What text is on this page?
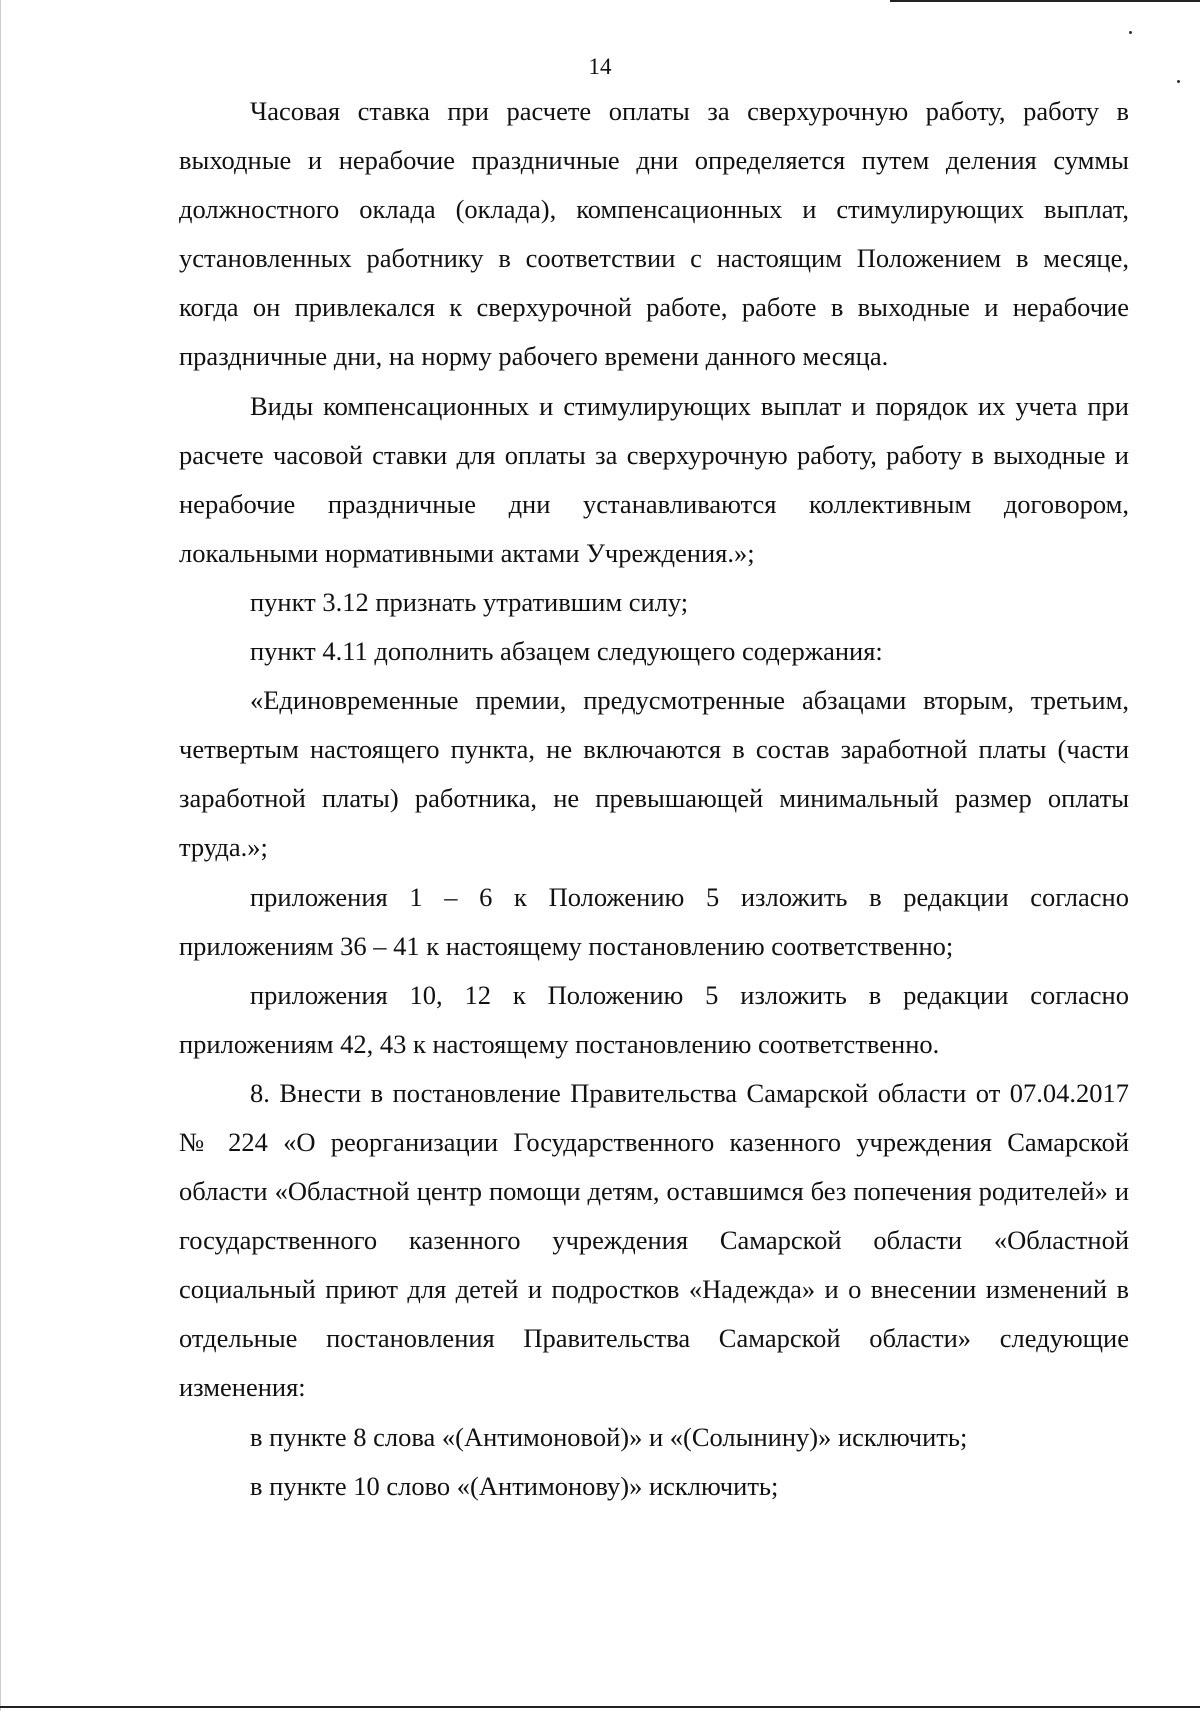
14

Часовая ставка при расчете оплаты за сверхурочную работу, работу в выходные и нерабочие праздничные дни определяется путем деления суммы должностного оклада (оклада), компенсационных и стимулирующих выплат, установленных работнику в соответствии с настоящим Положением в месяце, когда он привлекался к сверхурочной работе, работе в выходные и нерабочие праздничные дни, на норму рабочего времени данного месяца.

Виды компенсационных и стимулирующих выплат и порядок их учета при расчете часовой ставки для оплаты за сверхурочную работу, работу в выходные и нерабочие праздничные дни устанавливаются коллективным договором, локальными нормативными актами Учреждения.»;

пункт 3.12 признать утратившим силу;

пункт 4.11 дополнить абзацем следующего содержания:

«Единовременные премии, предусмотренные абзацами вторым, третьим, четвертым настоящего пункта, не включаются в состав заработной платы (части заработной платы) работника, не превышающей минимальный размер оплаты труда.»;

приложения 1 – 6 к Положению 5 изложить в редакции согласно приложениям 36 – 41 к настоящему постановлению соответственно;

приложения 10, 12 к Положению 5 изложить в редакции согласно приложениям 42, 43 к настоящему постановлению соответственно.

8. Внести в постановление Правительства Самарской области от 07.04.2017 № 224 «О реорганизации Государственного казенного учреждения Самарской области «Областной центр помощи детям, оставшимся без попечения родителей» и государственного казенного учреждения Самарской области «Областной социальный приют для детей и подростков «Надежда» и о внесении изменений в отдельные постановления Правительства Самарской области» следующие изменения:

в пункте 8 слова «(Антимоновой)» и «(Солынину)» исключить;

в пункте 10 слово «(Антимонову)» исключить;
